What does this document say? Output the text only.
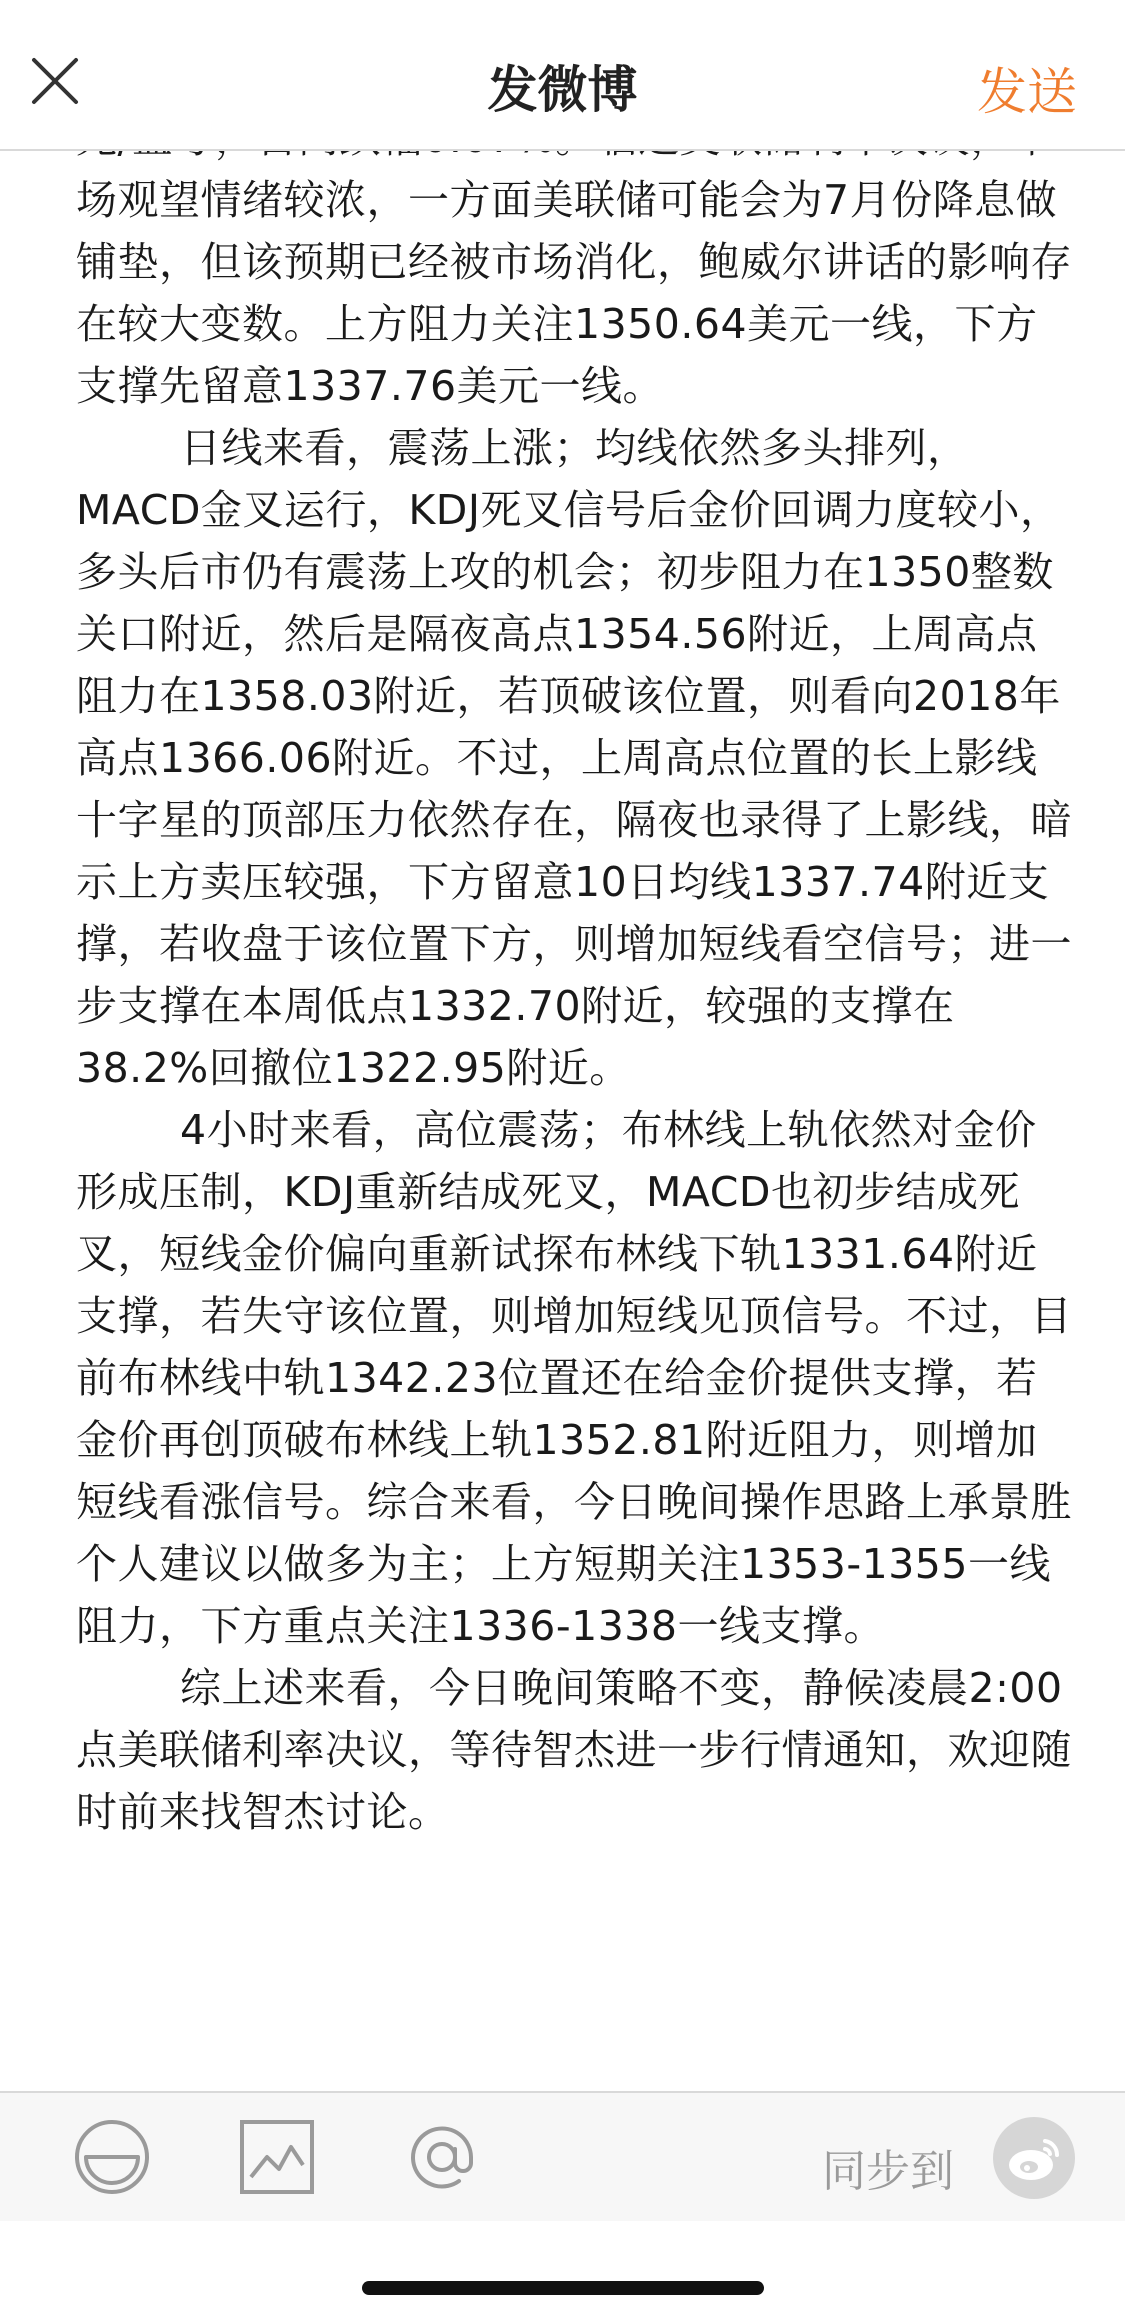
发微博	发送

场观望情绪较浓，一方面美联储可能会为7月份降息做铺垫，但该预期已经被市场消化，鲍威尔讲话的影响存在较大变数。上方阻力关注1350.64美元一线，下方支撑先留意1337.76美元一线。

日线来看，震荡上涨；均线依然多头排列，MACD金叉运行，KDJ死叉信号后金价回调力度较小，多头后市仍有震荡上攻的机会；初步阻力在1350整数关口附近，然后是隔夜高点1354.56附近，上周高点阻力在1358.03附近，若顶破该位置，则看向2018年高点1366.06附近。不过，上周高点位置的长上影线十字星的顶部压力依然存在，隔夜也录得了上影线，暗示上方卖压较强，下方留意10日均线1337.74附近支撑，若收盘于该位置下方，则增加短线看空信号；进一步支撑在本周低点1332.70附近，较强的支撑在38.2%回撤位1322.95附近。

4小时来看，高位震荡；布林线上轨依然对金价形成压制，KDJ重新结成死叉，MACD也初步结成死叉，短线金价偏向重新试探布林线下轨1331.64附近支撑，若失守该位置，则增加短线见顶信号。不过，目前布林线中轨1342.23位置还在给金价提供支撑，若金价再创顶破布林线上轨1352.81附近阻力，则增加短线看涨信号。综合来看，今日晚间操作思路上承景胜个人建议以做多为主；上方短期关注1353-1355一线阻力，下方重点关注1336-1338一线支撑。

综上述来看，今日晚间策略不变，静候凌晨2:00点美联储利率决议，等待智杰进一步行情通知，欢迎随时前来找智杰讨论。

同步到
